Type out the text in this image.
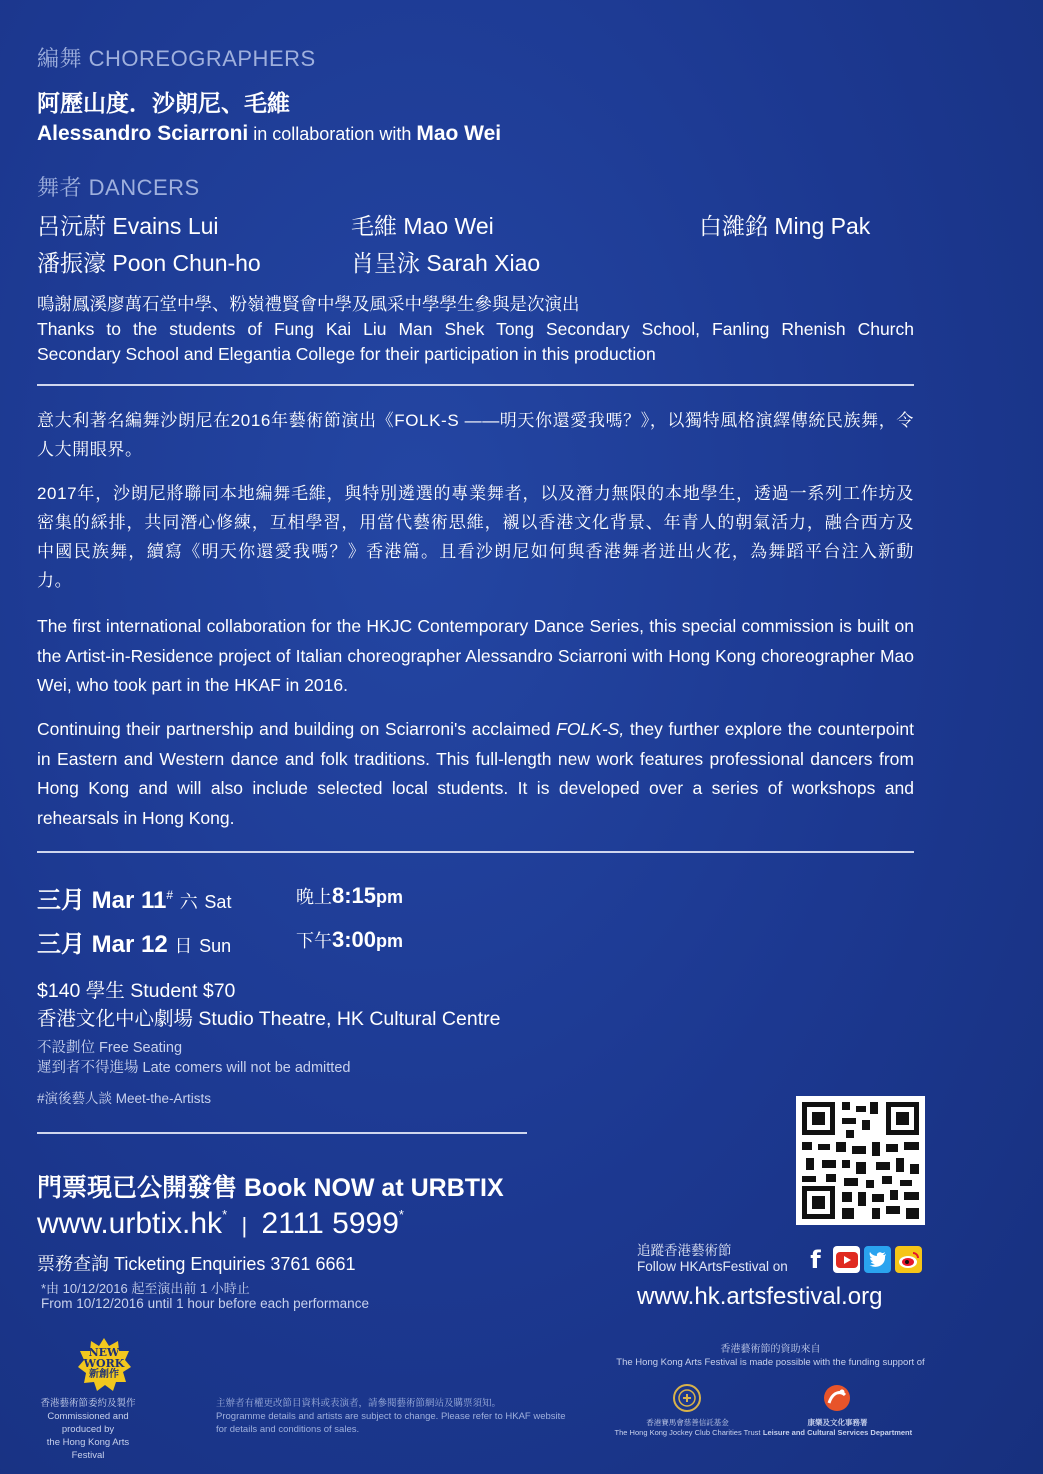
編舞 CHOREOGRAPHERS
阿歷山度．沙朗尼、毛維
Alessandro Sciarroni in collaboration with Mao Wei
舞者 DANCERS
呂沅蔚 Evains Lui	毛維 Mao Wei	白濰銘 Ming Pak
潘振濠 Poon Chun-ho	肖呈泳 Sarah Xiao
鳴謝鳳溪廖萬石堂中學、粉嶺禮賢會中學及風采中學學生參與是次演出
Thanks to the students of Fung Kai Liu Man Shek Tong Secondary School, Fanling Rhenish Church
Secondary School and Elegantia College for their participation in this production
意大利著名編舞沙朗尼在2016年藝術節演出《FOLK-S ——明天你還愛我嗎？》，以獨特風格演繹傳統民族舞，令人大開眼界。
2017年，沙朗尼將聯同本地編舞毛維，與特別遴選的專業舞者，以及潛力無限的本地學生，透過一系列工作坊及密集的綵排，共同潛心修練，互相學習，用當代藝術思維，襯以香港文化背景、年青人的朝氣活力，融合西方及中國民族舞，續寫《明天你還愛我嗎？》香港篇。且看沙朗尼如何與香港舞者迸出火花，為舞蹈平台注入新動力。
The first international collaboration for the HKJC Contemporary Dance Series, this special commission is built on the Artist-in-Residence project of Italian choreographer Alessandro Sciarroni with Hong Kong choreographer Mao Wei, who took part in the HKAF in 2016.
Continuing their partnership and building on Sciarroni's acclaimed FOLK-S, they further explore the counterpoint in Eastern and Western dance and folk traditions. This full-length new work features professional dancers from Hong Kong and will also include selected local students. It is developed over a series of workshops and rehearsals in Hong Kong.
三月 Mar 11# 六 Sat	晚上8:15pm
三月 Mar 12 日 Sun	下午3:00pm
$140 學生 Student $70
香港文化中心劇場 Studio Theatre, HK Cultural Centre
不設劃位 Free Seating
遲到者不得進場 Late comers will not be admitted
#演後藝人談 Meet-the-Artists
門票現已公開發售 Book NOW at URBTIX
www.urbtix.hk* | 2111 5999*
票務查詢 Ticketing Enquiries 3761 6661
*由 10/12/2016 起至演出前 1 小時止
From 10/12/2016 until 1 hour before each performance
追蹤香港藝術節
Follow HKArtsFestival on f
www.hk.artsfestival.org
NEW
WORK
新創作
香港藝術節委約及製作
Commissioned and produced by
the Hong Kong Arts Festival
主辦者有權更改節目資料或表演者，請參閱藝術節網站及購票須知。
Programme details and artists are subject to change. Please refer to HKAF website
for details and conditions of sales.
香港藝術節的資助來自
The Hong Kong Arts Festival is made possible with the funding support of
香港賽馬會慈善信託基金
The Hong Kong Jockey Club Charities Trust
康樂及文化事務署
Leisure and Cultural Services Department
